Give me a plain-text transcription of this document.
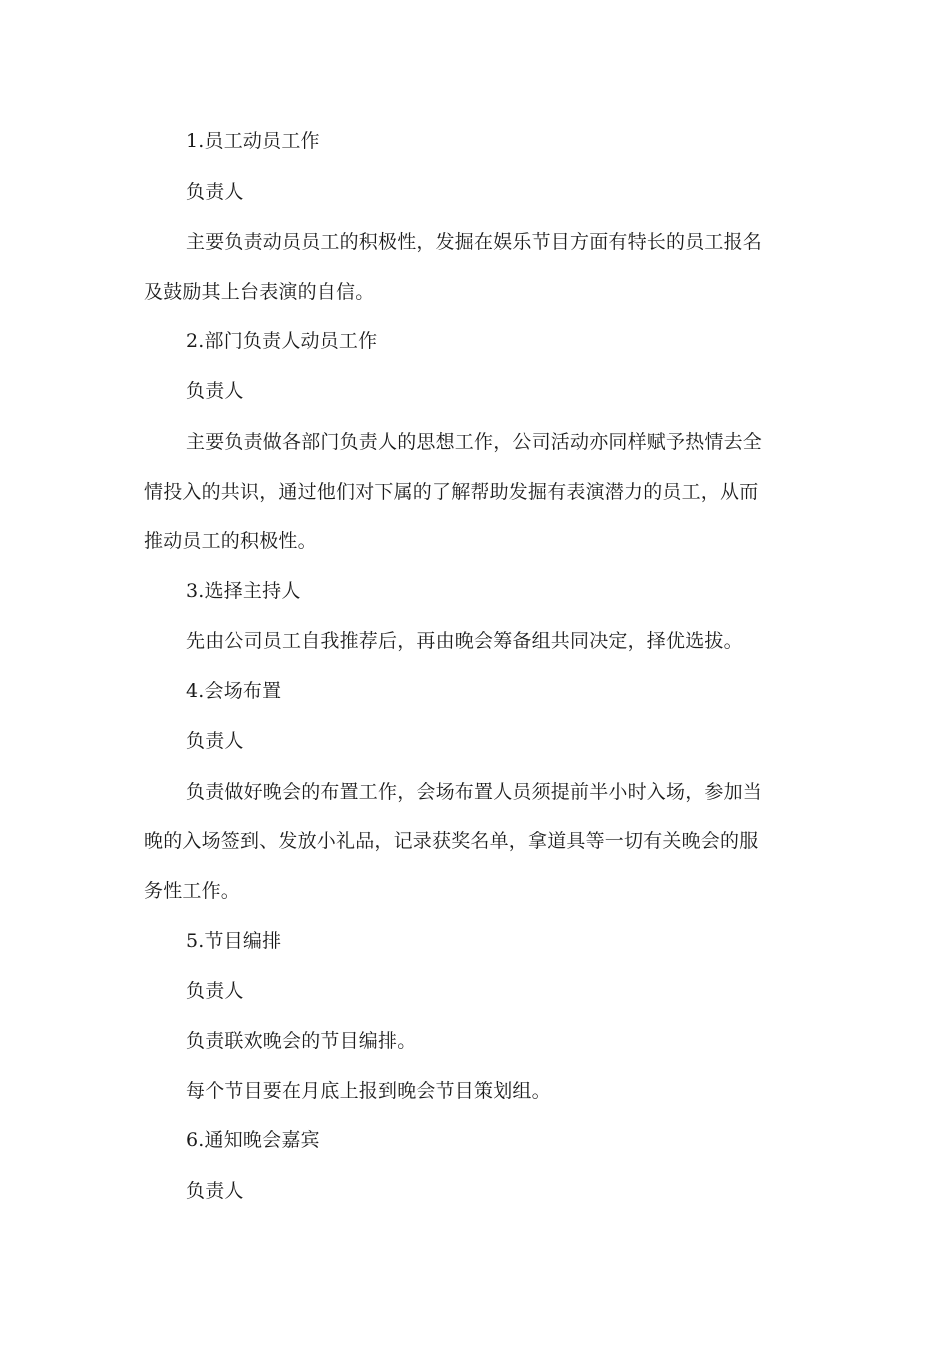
1.员工动员工作
负责人
主要负责动员员工的积极性，发掘在娱乐节目方面有特长的员工报名
及鼓励其上台表演的自信。
2.部门负责人动员工作
负责人
主要负责做各部门负责人的思想工作，公司活动亦同样赋予热情去全
情投入的共识，通过他们对下属的了解帮助发掘有表演潜力的员工，从而
推动员工的积极性。
3.选择主持人
先由公司员工自我推荐后，再由晚会筹备组共同决定，择优选拔。
4.会场布置
负责人
负责做好晚会的布置工作，会场布置人员须提前半小时入场，参加当
晚的入场签到、发放小礼品，记录获奖名单，拿道具等一切有关晚会的服
务性工作。
5.节目编排
负责人
负责联欢晚会的节目编排。
每个节目要在月底上报到晚会节目策划组。
6.通知晚会嘉宾
负责人
